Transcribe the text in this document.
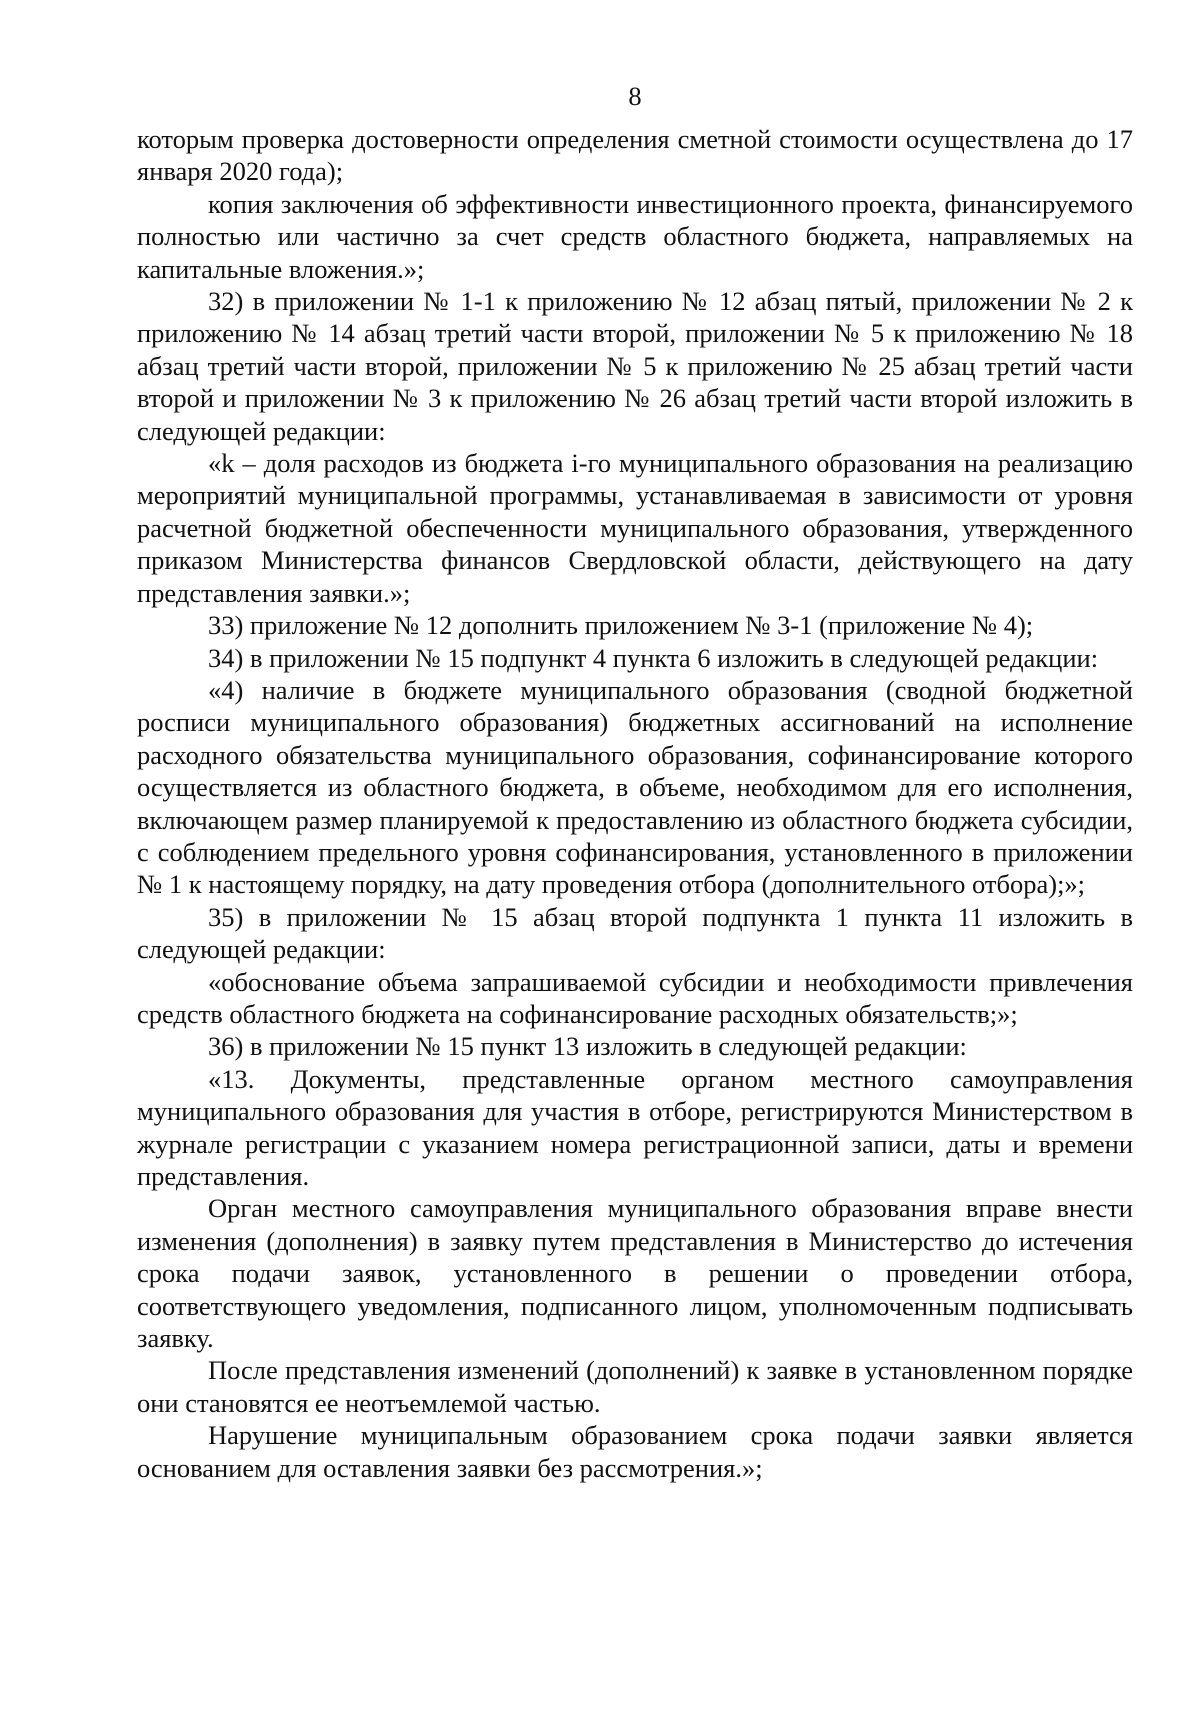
8

которым проверка достоверности определения сметной стоимости осуществлена до 17 января 2020 года);

копия заключения об эффективности инвестиционного проекта, финансируемого полностью или частично за счет средств областного бюджета, направляемых на капитальные вложения.»;

32) в приложении № 1-1 к приложению № 12 абзац пятый, приложении № 2 к приложению № 14 абзац третий части второй, приложении № 5 к приложению № 18 абзац третий части второй, приложении № 5 к приложению № 25 абзац третий части второй и приложении № 3 к приложению № 26 абзац третий части второй изложить в следующей редакции:

«k – доля расходов из бюджета i-го муниципального образования на реализацию мероприятий муниципальной программы, устанавливаемая в зависимости от уровня расчетной бюджетной обеспеченности муниципального образования, утвержденного приказом Министерства финансов Свердловской области, действующего на дату представления заявки.»;

33) приложение № 12 дополнить приложением № 3-1 (приложение № 4);

34) в приложении № 15 подпункт 4 пункта 6 изложить в следующей редакции:

«4) наличие в бюджете муниципального образования (сводной бюджетной росписи муниципального образования) бюджетных ассигнований на исполнение расходного обязательства муниципального образования, софинансирование которого осуществляется из областного бюджета, в объеме, необходимом для его исполнения, включающем размер планируемой к предоставлению из областного бюджета субсидии, с соблюдением предельного уровня софинансирования, установленного в приложении № 1 к настоящему порядку, на дату проведения отбора (дополнительного отбора);»;

35) в приложении № 15 абзац второй подпункта 1 пункта 11 изложить в следующей редакции:

«обоснование объема запрашиваемой субсидии и необходимости привлечения средств областного бюджета на софинансирование расходных обязательств;»;

36) в приложении № 15 пункт 13 изложить в следующей редакции:

«13. Документы, представленные органом местного самоуправления муниципального образования для участия в отборе, регистрируются Министерством в журнале регистрации с указанием номера регистрационной записи, даты и времени представления.

Орган местного самоуправления муниципального образования вправе внести изменения (дополнения) в заявку путем представления в Министерство до истечения срока подачи заявок, установленного в решении о проведении отбора, соответствующего уведомления, подписанного лицом, уполномоченным подписывать заявку.

После представления изменений (дополнений) к заявке в установленном порядке они становятся ее неотъемлемой частью.

Нарушение муниципальным образованием срока подачи заявки является основанием для оставления заявки без рассмотрения.»;
